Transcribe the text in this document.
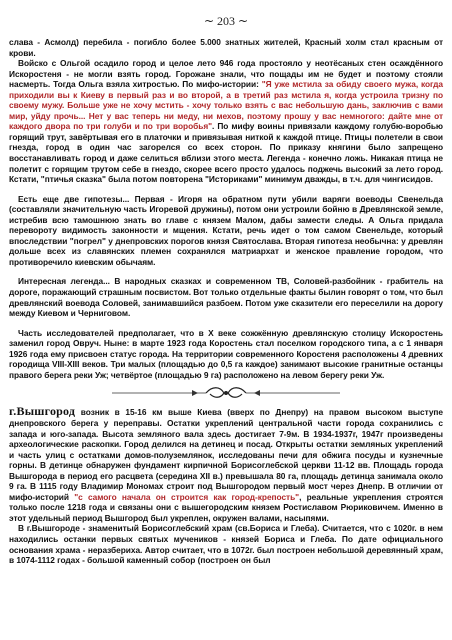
~ 203 ~

слава - Асмолд) перебила - погибло более 5.000 знатных жителей, Красный холм стал красным от крови.

Войско с Ольгой осадило город и целое лето 946 года простояло у неотёсаных стен осаждённого Искоростеня - не могли взять город. Горожане знали, что пощады им не будет и поэтому стояли насмерть. Тогда Ольга взяла хитростью. По мифо-истории: "Я уже мстила за обиду своего мужа, когда приходили вы к Киеву в первый раз и во второй, а в третий раз мстила я, когда устроила тризну по своему мужу. Больше уже не хочу мстить - хочу только взять с вас небольшую дань, заключив с вами мир, уйду прочь... Нет у вас теперь ни меду, ни мехов, поэтому прошу у вас немногого: дайте мне от каждого двора по три голуби и по три воробья". По мифу воины привязали каждому голубю-воробью горящий трут, завёртывая его в платочки и привязывая ниткой к каждой птице. Птицы полетели в свои гнезда, город в один час загорелся со всех сторон. По приказу княгини было запрещено восстанавливать город и даже селиться вблизи этого места. Легенда - конечно ложь. Никакая птица не полетит с горящим трутом себе в гнездо, скорее всего просто удалось поджечь высокий за лето город. Кстати, "птичья сказка" была потом повторена "Историками" минимум дважды, в т.ч. для чингисидов.

Есть еще две гипотезы... Первая - Игоря на обратном пути убили варяги воеводы Свенельда (составляли значительную часть Игоревой дружины), потом они устроили бойню в Древлянской земле, истребив всю тамошнюю знать во главе с князем Малом, дабы замести следы. А Ольга придала перевороту видимость законности и мщения. Кстати, речь идет о том самом Свенельде, который впоследствии "погрел" у днепровских порогов князя Святослава. Вторая гипотеза необычна: у древлян дольше всех из славянских племен сохранялся матриархат и женское правление городом, что противоречило киевским обычаям.

Интересная легенда... В народных сказках и современном ТВ, Соловей-разбойник - грабитель на дороге, поражающий страшным посвистом. Вот только отдельные факты былин говорят о том, что был древлянский воевода Соловей, занимавшийся разбоем. Потом уже сказители его переселили на дорогу между Киевом и Черниговом.

Часть исследователей предполагает, что в X веке сожжённую древлянскую столицу Искоростень заменил город Овруч. Ныне: в марте 1923 года Коростень стал поселком городского типа, а с 1 января 1926 года ему присвоен статус города. На территории современного Коростеня расположены 4 древних городища VIII-XIII веков. Три малых (площадью до 0,5 га каждое) занимают высокие гранитные останцы правого берега реки Уж; четвёртое (площадью 9 га) расположено на левом берегу реки Уж.

г.Вышгород возник в 15-16 км выше Киева (вверх по Днепру) на правом высоком выступе днепровского берега у переправы. Остатки укреплений центральной части города сохранились с запада и юго-запада. Высота земляного вала здесь достигает 7-9м. В 1934-1937г, 1947г произведены археологические раскопки. Город делился на детинец и посад. Открыты остатки земляных укреплений и часть улиц с остатками домов-полуземлянок, исследованы печи для обжига посуды и кузнечные горны. В детинце обнаружен фундамент кирпичной Борисоглебской церкви 11-12 вв. Площадь города Вышгорода в период его расцвета (середина XII в.) превышала 80 га, площадь детинца занимала около 9 га. В 1115 году Владимир Мономах строит под Вышгородом первый мост через Днепр. В отличии от мифо-историй "с самого начала он строится как город-крепость", реальные укрепления строятся только после 1218 года и связаны они с вышегородским князем Ростиславом Рюриковичем. Именно в этот удельный период Вышгород был укреплен, окружен валами, насыпями.

В г.Вышгороде - знаменитый Борисоглебский храм (св.Бориса и Глеба). Считается, что с 1020г. в нем находились останки первых святых мучеников - князей Бориса и Глеба. По дате официального основания храма - неразбериха. Автор считает, что в 1072г. был построен небольшой деревянный храм, в 1074-1112 годах - большой каменный собор (построен он был
